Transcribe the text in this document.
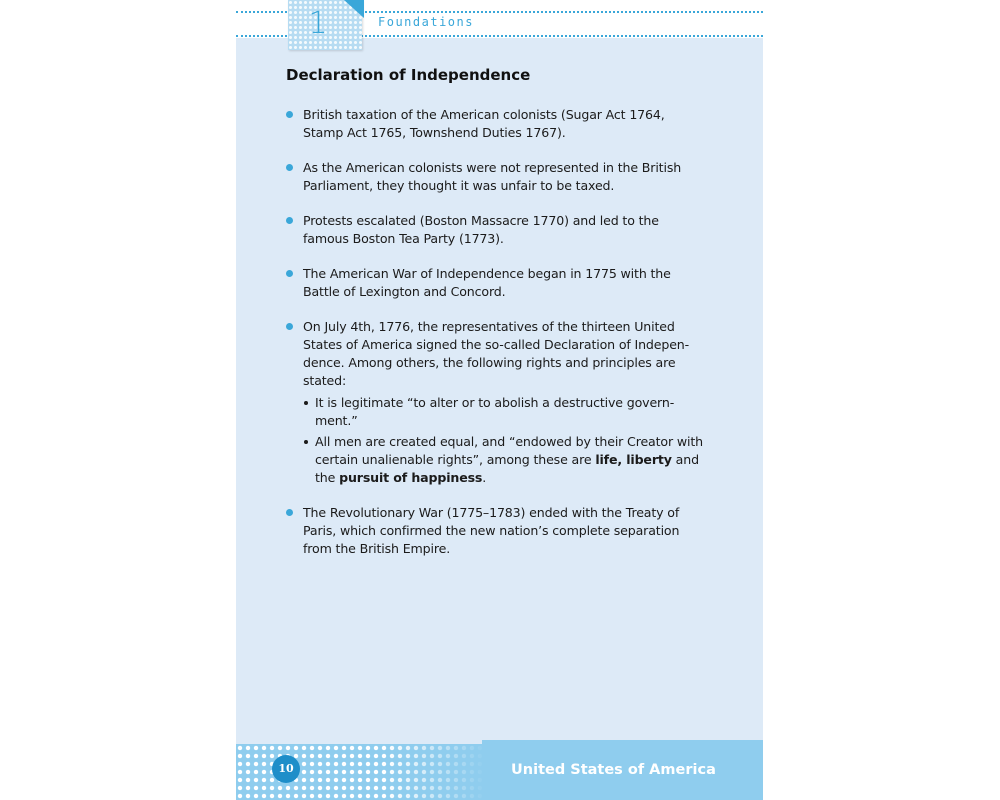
Foundations
1
Declaration of Independence
British taxation of the American colonists (Sugar Act 1764, Stamp Act 1765, Townshend Duties 1767).
As the American colonists were not represented in the British Parliament, they thought it was unfair to be taxed.
Protests escalated (Boston Massacre 1770) and led to the famous Boston Tea Party (1773).
The American War of Independence began in 1775 with the Battle of Lexington and Concord.
On July 4th, 1776, the representatives of the thirteen United States of America signed the so-called Declaration of Independence. Among others, the following rights and principles are stated:
It is legitimate “to alter or to abolish a destructive government.”
All men are created equal, and “endowed by their Creator with certain unalienable rights”, among these are life, liberty and the pursuit of happiness.
The Revolutionary War (1775–1783) ended with the Treaty of Paris, which confirmed the new nation’s complete separation from the British Empire.
10	United States of America
